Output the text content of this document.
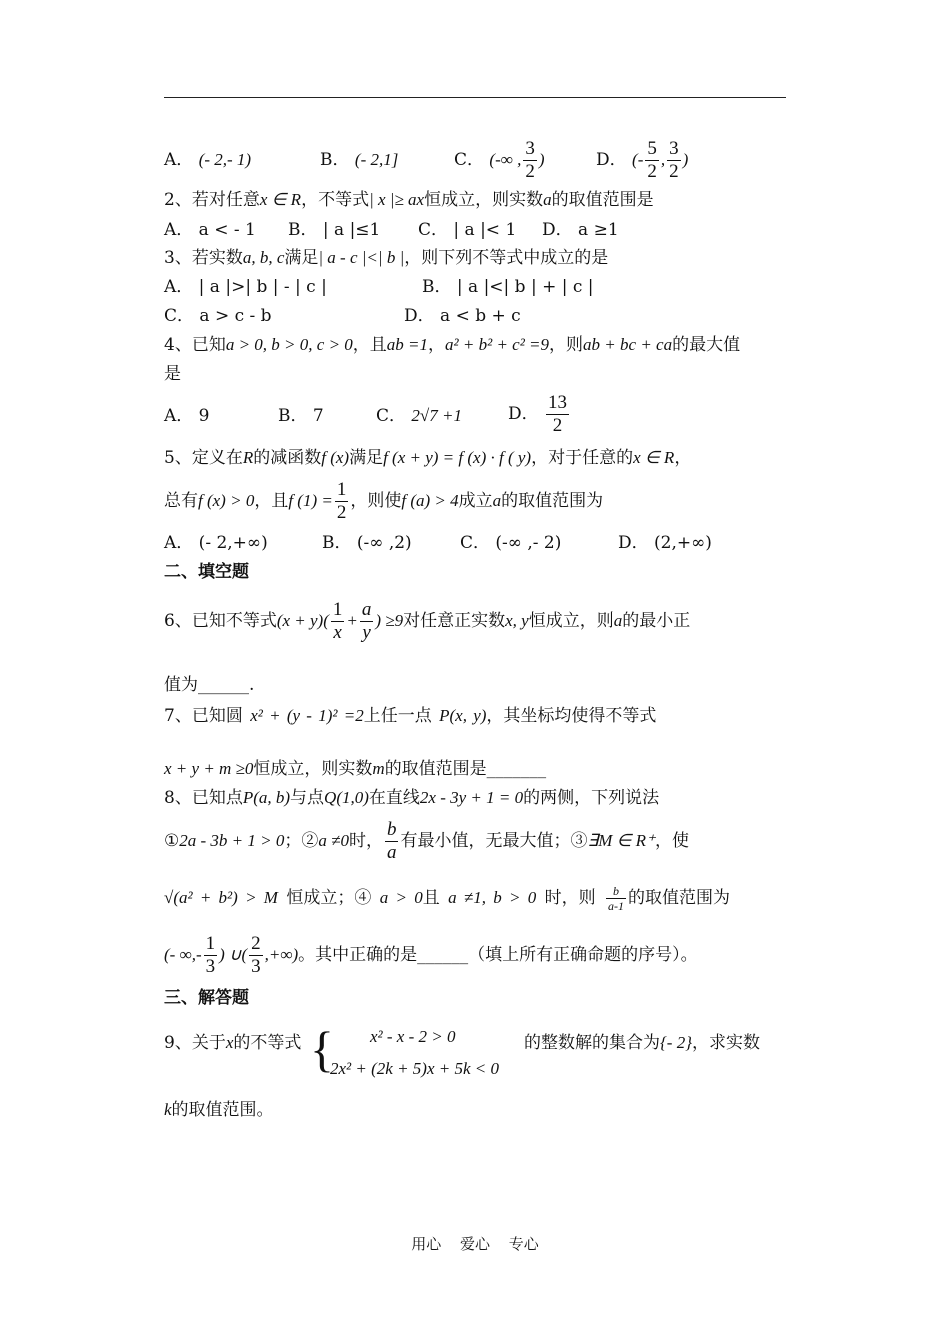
A． (- 2,- 1)	B． (- 2,1]	C． (-∞ , $\frac{3}{2}$ )	D． (- $\frac{5}{2}$ , $\frac{3}{2}$ )
2、若对任意x ∈ R，不等式| x |≥ ax恒成立，则实数a的取值范围是
A． a < - 1 B． | a |≤1 C． | a |< 1 D． a ≥1
3、若实数a, b, c满足| a - c |<| b |，则下列不等式中成立的是
A． | a |>| b | - | c |	B． | a |<| b | + | c |
C． a > c - b	D． a < b + c
4、已知a > 0, b > 0, c > 0，且ab =1，a² + b² + c² =9，则ab + bc + ca的最大值
是
A． 9	B． 7	C． 2√7 +1	D． $\frac{13}{2}$
5、定义在R的减函数f (x)满足f (x + y) = f (x) · f ( y)，对于任意的x ∈ R，
总有f (x) > 0，且f $(1) = \frac{1}{2}$ ，则使f (a) > 4成立a的取值范围为
A． (- 2,+∞)	B． (-∞ ,2)	C． (-∞ ,- 2)	D． (2,+∞)
二、填空题
6、已知不等式$(x + y)( \frac{1}{x} + \frac{a}{y}$ ) ≥9对任意正实数x, y恒成立，则a的最小正
值为______.
7、已知圆 x² + (y - 1)² =2上任一点 P(x, y)，其坐标均使得不等式
x + y + m ≥0恒成立，则实数m的取值范围是_______
8、已知点P(a, b)与点Q(1,0)在直线2x - 3y + 1 = 0的两侧，下列说法
①2a - 3b + 1 > 0；②a ≠0时， $\frac{b}{a}$ 有最小值，无最大值；③∃M ∈ R⁺，使
√(a² + b²) > M 恒成立；④ a > 0且 a ≠1, b > 0 时，则 $\frac{b}{a-1}$ 的取值范围为
(- ∞,- $\frac{1}{3}$ ) ∪( $\frac{2}{3}$ ,+∞)。其中正确的是______（填上所有正确命题的序号）。
三、解答题
9、关于x的不等式 { x² - x - 2 > 0
2x² + (2k + 5)x + 5k < 0
的整数解的集合为{- 2}，求实数
k的取值范围。
用心 爱心 专心
